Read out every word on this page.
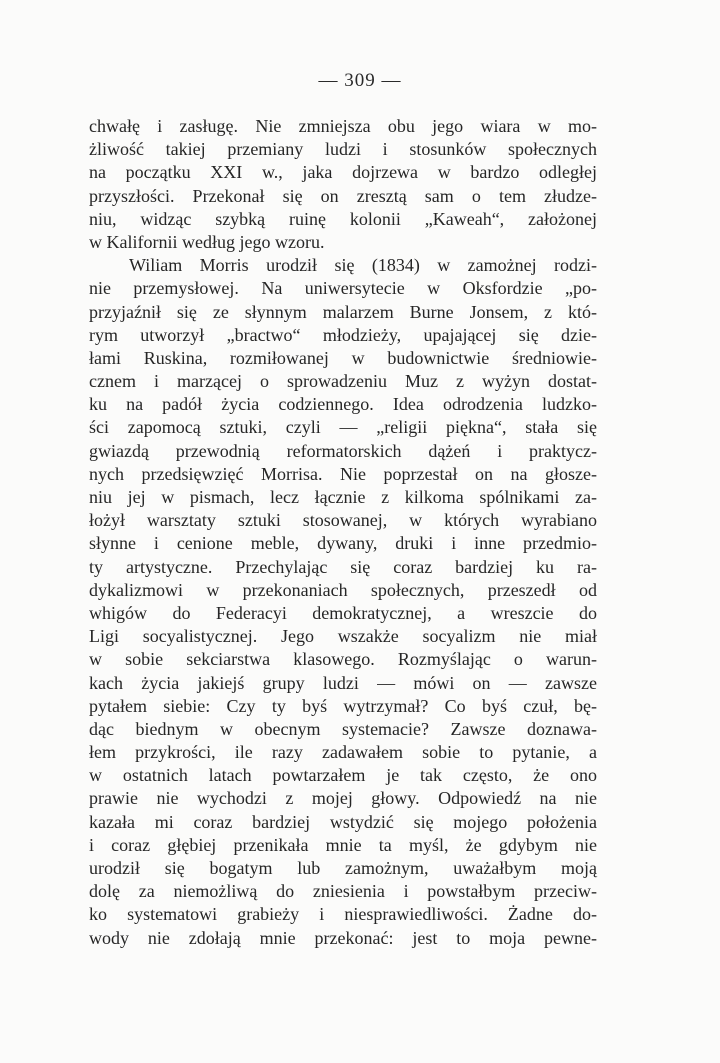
— 309 —
chwałę i zasługę. Nie zmniejsza obu jego wiara w mo-
żliwość takiej przemiany ludzi i stosunków społecznych
na początku XXI w., jaka dojrzewa w bardzo odległej
przyszłości. Przekonał się on zresztą sam o tem złudze-
niu, widząc szybką ruinę kolonii „Kaweah“, założonej
w Kalifornii według jego wzoru.
Wiliam Morris urodził się (1834) w zamożnej rodzi-
nie przemysłowej. Na uniwersytecie w Oksfordzie „po-
przyjaźnił się ze słynnym malarzem Burne Jonsem, z któ-
rym utworzył „bractwo“ młodzieży, upajającej się dzie-
łami Ruskina, rozmiłowanej w budownictwie średniowie-
cznem i marzącej o sprowadzeniu Muz z wyżyn dostat-
ku na padół życia codziennego. Idea odrodzenia ludzko-
ści zapomocą sztuki, czyli — „religii piękna“, stała się
gwiazdą przewodnią reformatorskich dążeń i praktycz-
nych przedsięwzięć Morrisa. Nie poprzestał on na głosze-
niu jej w pismach, lecz łącznie z kilkoma spólnikami za-
łożył warsztaty sztuki stosowanej, w których wyrabiano
słynne i cenione meble, dywany, druki i inne przedmio-
ty artystyczne. Przechylając się coraz bardziej ku ra-
dykalizmowi w przekonaniach społecznych, przeszedł od
whigów do Federacyi demokratycznej, a wreszcie do
Ligi socyalistycznej. Jego wszakże socyalizm nie miał
w sobie sekciarstwa klasowego. Rozmyślając o warun-
kach życia jakiejś grupy ludzi — mówi on — zawsze
pytałem siebie: Czy ty byś wytrzymał? Co byś czuł, bę-
dąc biednym w obecnym systemacie? Zawsze doznawa-
łem przykrości, ile razy zadawałem sobie to pytanie, a
w ostatnich latach powtarzałem je tak często, że ono
prawie nie wychodzi z mojej głowy. Odpowiedź na nie
kazała mi coraz bardziej wstydzić się mojego położenia
i coraz głębiej przenikała mnie ta myśl, że gdybym nie
urodził się bogatym lub zamożnym, uważałbym moją
dolę za niemożliwą do zniesienia i powstałbym przeciw-
ko systematowi grabieży i niesprawiedliwości. Żadne do-
wody nie zdołają mnie przekonać: jest to moja pewne-
